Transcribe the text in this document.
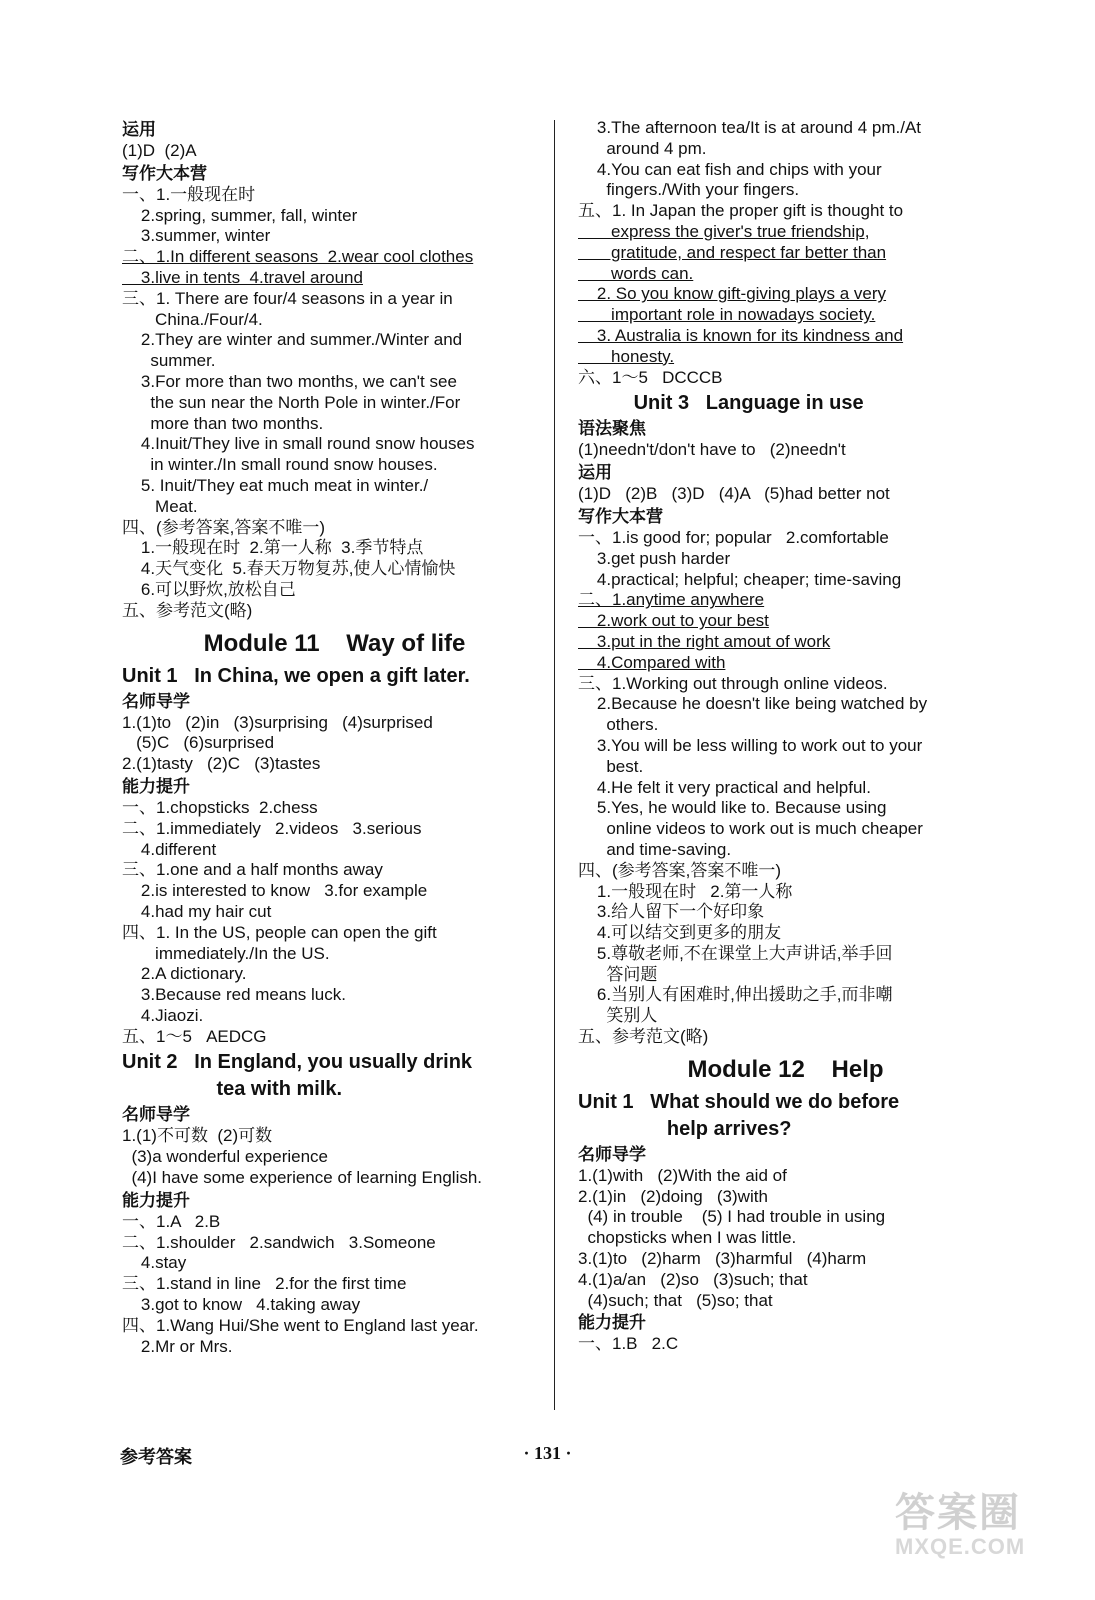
运用
(1)D  (2)A
写作大本营
一、1.一般现在时
2.spring, summer, fall, winter
3.summer, winter
二、1.In different seasons  2.wear cool clothes
3.live in tents  4.travel around
三、1. There are four/4 seasons in a year in
China./Four/4.
2.They are winter and summer./Winter and
summer.
3.For more than two months, we can't see
the sun near the North Pole in winter./For
more than two months.
4.Inuit/They live in small round snow houses
in winter./In small round snow houses.
5. Inuit/They eat much meat in winter./
Meat.
四、(参考答案,答案不唯一)
1.一般现在时  2.第一人称  3.季节特点
4.天气变化  5.春天万物复苏,使人心情愉快
6.可以野炊,放松自己
五、参考范文(略)
Module 11    Way of life
Unit 1   In China, we open a gift later.
名师导学
1.(1)to   (2)in   (3)surprising   (4)surprised
(5)C   (6)surprised
2.(1)tasty   (2)C   (3)tastes
能力提升
一、1.chopsticks  2.chess
二、1.immediately   2.videos   3.serious
4.different
三、1.one and a half months away
2.is interested to know   3.for example
4.had my hair cut
四、1. In the US, people can open the gift
immediately./In the US.
2.A dictionary.
3.Because red means luck.
4.Jiaozi.
五、1～5   AEDCG
Unit 2   In England, you usually drink
tea with milk.
名师导学
1.(1)不可数  (2)可数
(3)a wonderful experience
(4)I have some experience of learning English.
能力提升
一、1.A   2.B
二、1.shoulder   2.sandwich   3.Someone
4.stay
三、1.stand in line   2.for the first time
3.got to know   4.taking away
四、1.Wang Hui/She went to England last year.
2.Mr or Mrs.
3.The afternoon tea/It is at around 4 pm./At
around 4 pm.
4.You can eat fish and chips with your
fingers./With your fingers.
五、1. In Japan the proper gift is thought to
express the giver's true friendship,
gratitude, and respect far better than
words can.
2. So you know gift-giving plays a very
important role in nowadays society.
3. Australia is known for its kindness and
honesty.
六、1～5   DCCCB
Unit 3   Language in use
语法聚焦
(1)needn't/don't have to   (2)needn't
运用
(1)D   (2)B   (3)D   (4)A   (5)had better not
写作大本营
一、1.is good for; popular   2.comfortable
3.get push harder
4.practical; helpful; cheaper; time-saving
二、1.anytime anywhere
2.work out to your best
3.put in the right amout of work
4.Compared with
三、1.Working out through online videos.
2.Because he doesn't like being watched by
others.
3.You will be less willing to work out to your
best.
4.He felt it very practical and helpful.
5.Yes, he would like to. Because using
online videos to work out is much cheaper
and time-saving.
四、(参考答案,答案不唯一)
1.一般现在时   2.第一人称
3.给人留下一个好印象
4.可以结交到更多的朋友
5.尊敬老师,不在课堂上大声讲话,举手回
答问题
6.当别人有困难时,伸出援助之手,而非嘲
笑别人
五、参考范文(略)
Module 12    Help
Unit 1   What should we do before
help arrives?
名师导学
1.(1)with   (2)With the aid of
2.(1)in   (2)doing   (3)with
(4) in trouble    (5) I had trouble in using
chopsticks when I was little.
3.(1)to   (2)harm   (3)harmful   (4)harm
4.(1)a/an   (2)so   (3)such; that
(4)such; that   (5)so; that
能力提升
一、1.B   2.C
参考答案	· 131 ·
答案圈
MXQE.COM
